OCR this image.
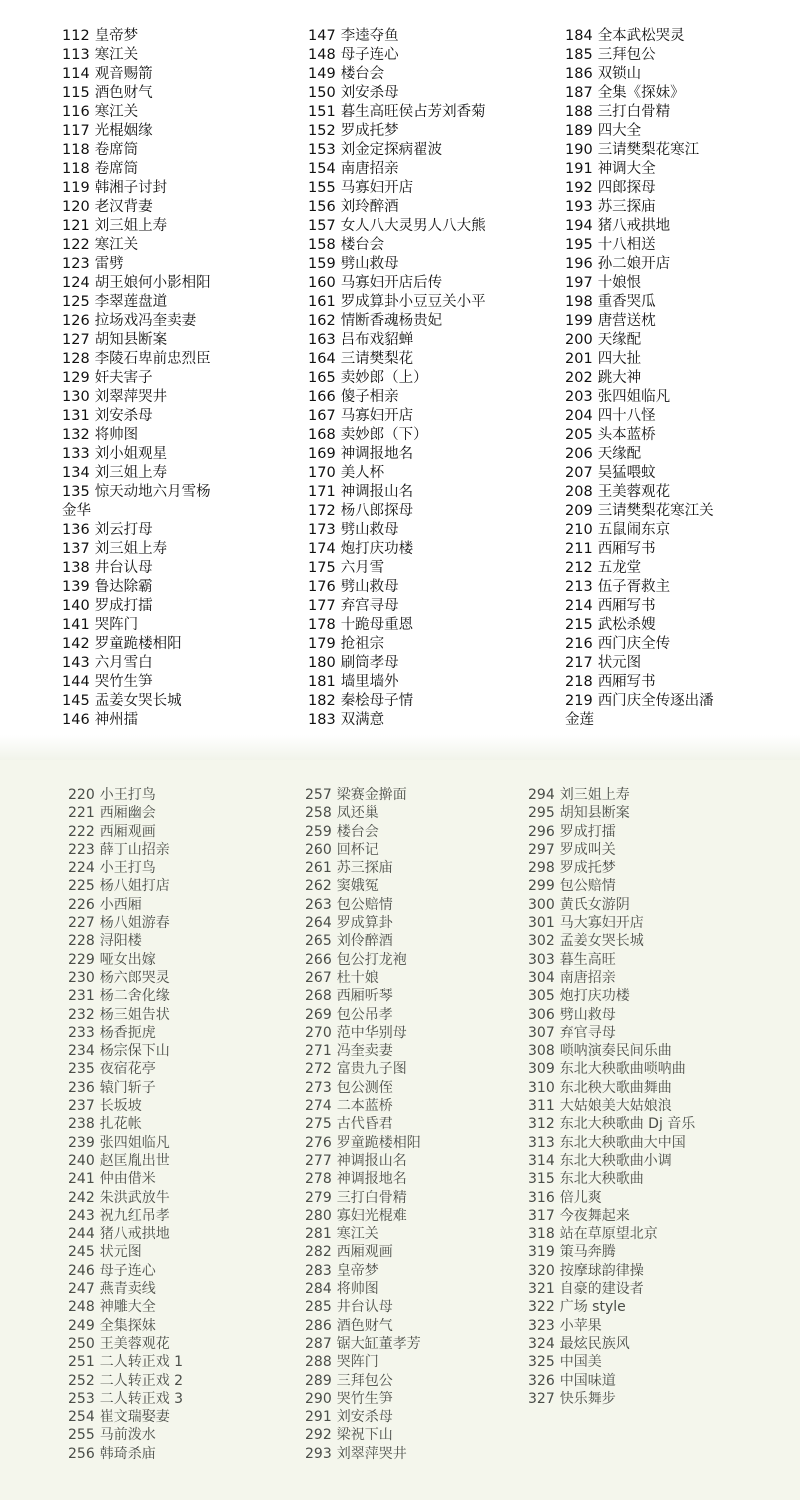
112 皇帝梦
113 寒江关
114 观音赐箭
115 酒色财气
116 寒江关
117 光棍姻缘
118 卷席筒
118 卷席筒
119 韩湘子讨封
120 老汉背妻
121 刘三姐上寿
122 寒江关
123 雷劈
124 胡王娘何小影相阳
125 李翠莲盘道
126 拉场戏冯奎卖妻
127 胡知县断案
128 李陵石卑前忠烈臣
129 奸夫害子
130 刘翠萍哭井
131 刘安杀母
132 将帅图
133 刘小姐观星
134 刘三姐上寿
135 惊天动地六月雪杨
金华
136 刘云打母
137 刘三姐上寿
138 井台认母
139 鲁达除霸
140 罗成打擂
141 哭阵门
142 罗童跪楼相阳
143 六月雪白
144 哭竹生笋
145 盂姜女哭长城
146 神州擂
147 李逵夺鱼
148 母子连心
149 楼台会
150 刘安杀母
151 暮生高旺侯占芳刘香菊
152 罗成托梦
153 刘金定探病翟波
154 南唐招亲
155 马寡妇开店
156 刘玲醉酒
157 女人八大灵男人八大熊
158 楼台会
159 劈山救母
160 马寡妇开店后传
161 罗成算卦小豆豆关小平
162 情断香魂杨贵妃
163 吕布戏貂蝉
164 三请樊梨花
165 卖妙郎（上）
166 傻子相亲
167 马寡妇开店
168 卖妙郎（下）
169 神调报地名
170 美人杯
171 神调报山名
172 杨八郎探母
173 劈山救母
174 炮打庆功楼
175 六月雪
176 劈山救母
177 弃宫寻母
178 十跪母重恩
179 抢祖宗
180 刷筒孝母
181 墙里墙外
182 秦桧母子情
183 双满意
184 全本武松哭灵
185 三拜包公
186 双锁山
187 全集《探妹》
188 三打白骨精
189 四大全
190 三请樊梨花寒江
191 神调大全
192 四郎探母
193 苏三探庙
194 猪八戒拱地
195 十八相送
196 孙二娘开店
197 十娘恨
198 重香哭瓜
199 唐营送枕
200 天缘配
201 四大扯
202 跳大神
203 张四姐临凡
204 四十八怪
205 头本蓝桥
206 天缘配
207 吴猛喂蚊
208 王美蓉观花
209 三请樊梨花寒江关
210 五鼠闹东京
211 西厢写书
212 五龙堂
213 伍子胥救主
214 西厢写书
215 武松杀嫂
216 西门庆全传
217 状元图
218 西厢写书
219 西门庆全传逐出潘
金莲
220 小王打鸟
221 西厢幽会
222 西厢观画
223 薛丁山招亲
224 小王打鸟
225 杨八姐打店
226 小西厢
227 杨八姐游春
228 浔阳楼
229 哑女出嫁
230 杨六郎哭灵
231 杨二舍化缘
232 杨三姐告状
233 杨香扼虎
234 杨宗保下山
235 夜宿花亭
236 辕门斩子
237 长坂坡
238 扎花帐
239 张四姐临凡
240 赵匡胤出世
241 仲由借米
242 朱洪武放牛
243 祝九红吊孝
244 猪八戒拱地
245 状元图
246 母子连心
247 燕青卖线
248 神雕大全
249 全集探妹
250 王美蓉观花
251 二人转正戏 1
252 二人转正戏 2
253 二人转正戏 3
254 崔文瑞娶妻
255 马前泼水
256 韩琦杀庙
257 梁赛金擀面
258 凤还巢
259 楼台会
260 回杯记
261 苏三探庙
262 窦娥冤
263 包公赔情
264 罗成算卦
265 刘伶醉酒
266 包公打龙袍
267 杜十娘
268 西厢听琴
269 包公吊孝
270 范中华别母
271 冯奎卖妻
272 富贵九子图
273 包公测侄
274 二本蓝桥
275 古代昏君
276 罗童跪楼相阳
277 神调报山名
278 神调报地名
279 三打白骨精
280 寡妇光棍难
281 寒江关
282 西厢观画
283 皇帝梦
284 将帅图
285 井台认母
286 酒色财气
287 锯大缸董孝芳
288 哭阵门
289 三拜包公
290 哭竹生笋
291 刘安杀母
292 梁祝下山
293 刘翠萍哭井
294 刘三姐上寿
295 胡知县断案
296 罗成打擂
297 罗成叫关
298 罗成托梦
299 包公赔情
300 黄氏女游阴
301 马大寡妇开店
302 孟姜女哭长城
303 暮生高旺
304 南唐招亲
305 炮打庆功楼
306 劈山救母
307 弃官寻母
308 唢呐演奏民间乐曲
309 东北大秧歌曲唢呐曲
310 东北秧大歌曲舞曲
311 大姑娘美大姑娘浪
312 东北大秧歌曲 Dj 音乐
313 东北大秧歌曲大中国
314 东北大秧歌曲小调
315 东北大秧歌曲
316 倍儿爽
317 今夜舞起来
318 站在草原望北京
319 策马奔腾
320 按摩球韵律操
321 自豪的建设者
322 广场 style
323 小苹果
324 最炫民族风
325 中国美
326 中国味道
327 快乐舞步
